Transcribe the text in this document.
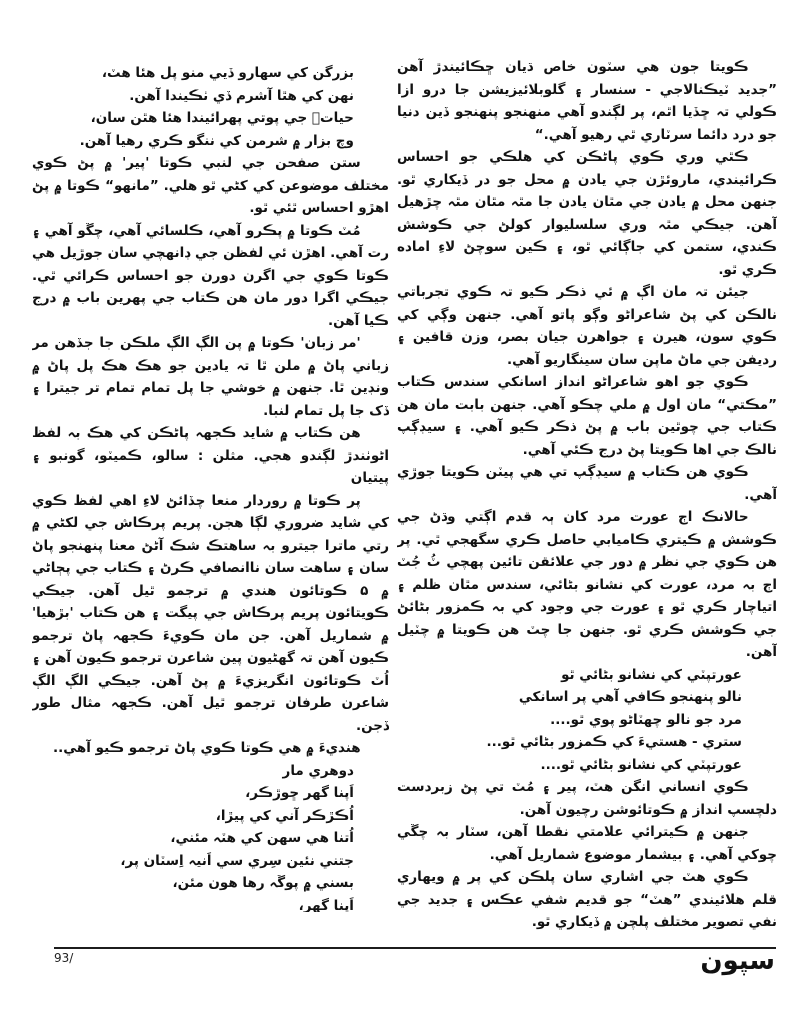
ڪويتا جون هي سٽون خاص ڌيان ڇڪائيندڙ آهن ”جديد ٽيڪنالاجي - سنسار ۽ گلوبلائيزيشن جا درو ازا ڪولي تہ ڇڏيا اٿم، پر لڳندو آهي منهنجو پنهنجو ڏين دنيا جو درد دائما سرٽاري ٿي رهيو آهي.“

ڪٿي وري ڪوي پاڻڪن کي هلڪي جو احساس ڪرائيندي، ماروئڙن جي يادن ۾ محل جو در ڏيکاري ٿو. جنهن محل ۾ يادن جي مٿان يادن جا مٿہ مٿان مٿہ چڙهيل آهن. جيڪي مٿہ وري سلسليوار کولڻ جي ڪوشش ڪندي، ستمن کي جاڳائي ٿو، ۽ ڪين سوچڻ لاءِ اماده ڪري ٿو.

جيئن تہ مان اڳ ۾ ئي ذڪر ڪيو تہ ڪوي تجرباتي نالڪن کي پڻ شاعراڻو وڳو پاتو آهي. جنهن وڳي کي ڪوي سون، هيرن ۽ جواهرن جيان بصر، وزن قافين ۽ رديفن جي ماڻ ماپن سان سينگاريو آهي.

ڪوي جو اهو شاعراڻو انداز اسانکي سندس ڪتاب ”مڪتي“ مان اول ۾ ملي چڪو آهي. جنهن بابت مان هن ڪتاب جي چوٿين باب ۾ پڻ ذڪر ڪيو آهي. ۽ سيڊڳپ نالڪ جي اها ڪويتا پڻ درج ڪئي آهي.

ڪوي هن ڪتاب ۾ سيڊڳپ تي هي پيٽن ڪويتا جوڙي آهي.

حالانڪ اڄ عورت مرد کان ٻہ قدم اڳتي وڌڻ جي ڪوشش ۾ ڪيتري ڪاميابي حاصل ڪري سگهجي ٿي. پر هن ڪوي جي نظر ۾ دور جي علائقن تائين پهچي ٽُ جُٽ اڄ بہ مرد، عورت کي نشانو بڻائي، سندس مٿان ظلم ۽ اتياچار ڪري ٿو ۽ عورت جي وجود کي بہ ڪمزور بڻائڻ جي ڪوشش ڪري ٿو. جنهن جا چٽ هن ڪويتا ۾ چٽيل آهن.

عورتپٽي کي نشانو بڻائي ٿو
نالو پنهنجو ڪافي آهي پر اسانکي
مرد جو نالو چهٽاڻو پوي ٿو....
ستري - هستيءَ کي ڪمزور بڻائي ٿو...
عورتپٽي کي نشانو بڻائي ٿو....

ڪوي انساني انگن هٽ، پير ۽ مُٽ تي پڻ زبردست دلچسپ انداز ۾ ڪوتائوشن رچيون آهن.

جنهن ۾ ڪيترائي علامتي نقطا آهن، سٽار بہ چڱي چوکي آهي. ۽ بيشمار موضوع شماريل آهي.

ڪوي هٽ جي اشاري سان پلڪن کي پر ۾ ويهاري قلم هلائيندي ”هٽ“ جو قديم شفي عڪس ۽ جديد جي نفي تصوير مختلف پلچن ۾ ڏيکاري ٿو.

بزرگن کي سهارو ڏيي منو پل هئا هٽ،
نهن کي هٿا آشرم ڏي ٺڪيندا آهن.
حياتۡ جي پوتي پهرائيندا هئا هٿن سان،
وچ بزار ۾ شرمن کي ننگو ڪري رهيا آهن.

ستن صفحن جي لنبي ڪوتا 'پير' ۾ پڻ ڪوي مختلف موضوعن کي کڻي ٿو هلي. ”مانهو“ ڪوتا ۾ پڻ اهڙو احساس ٿئي ٿو.

مُٽ ڪوتا ۾ پڪرو آهي، ڪلسائي آهي، چڱو آهي ۽ رت آهي. اهڙن ئي لفظن جي ڊانهچي سان جوڙيل هي ڪوتا ڪوي جي اگرن دورن جو احساس ڪرائي ٿي. جيڪي اگرا دور مان هن ڪتاب جي پهرين باب ۾ درج ڪيا آهن.

'مر زبان' ڪوتا ۾ پن الڳ الڳ ملڪن جا جڏهن مر زباني پاڻ ۾ ملن ٿا تہ يادين جو هڪ هڪ پل پاڻ ۾ ونڊين ٿا. جنهن ۾ خوشي جا پل تمام تمام تر جيترا ۽ ڏک جا پل تمام لنبا.

هن ڪتاب ۾ شايد ڪجهہ پاڻڪن کي هڪ بہ لفظ اڻوٺندڙ لڳندو هجي. مثلن : سالو، ڪميٽو، گونبو ۽ پيتيان

پر ڪوتا ۾ روردار منعا چڏائڻ لاءِ اهي لفظ ڪوي کي شايد ضروري لڳا هجن. پريم پرڪاش جي لکڻي ۾ رتي ماترا جيترو بہ ساهتڪ شڪ آڻڻ معنا پنهنجو پاڻ سان ۽ ساهت سان ناانصافي ڪرڻ ۽ ڪتاب جي پڄاڻي ۾ ۵ ڪوتائون هندي ۾ ترجمو ٿيل آهن. جيڪي ڪويتائون پريم پرڪاش جي پيگت ۽ هن ڪتاب 'بڙهيا' ۾ شماريل آهن. جن مان ڪويءَ ڪجهہ پاڻ ترجمو ڪيون آهن تہ گهڻيون پين شاعرن ترجمو ڪيون آهن ۽ اُٽ ڪوتائون انگريزيءَ ۾ پڻ آهن. جيڪي الڳ الڳ شاعرن طرفان ترجمو ٿيل آهن. ڪجهہ مثال طور ڏجن.

هنديءَ ۾ هي ڪوتا ڪوي پاڻ ترجمو ڪيو آهي..

دوهري مار
اَپنا گهر ڇوڙڪر،
اُڪڙڪر آني کي پيڙا،
اُتنا هي سهن کي هٽہ مئني،
جتني نئين سِري سي اَنيہ اِسٽان پر،
بسني ۾ پوڱہ رها هون مئن،
اَپنا گهر،

93/	سپون
